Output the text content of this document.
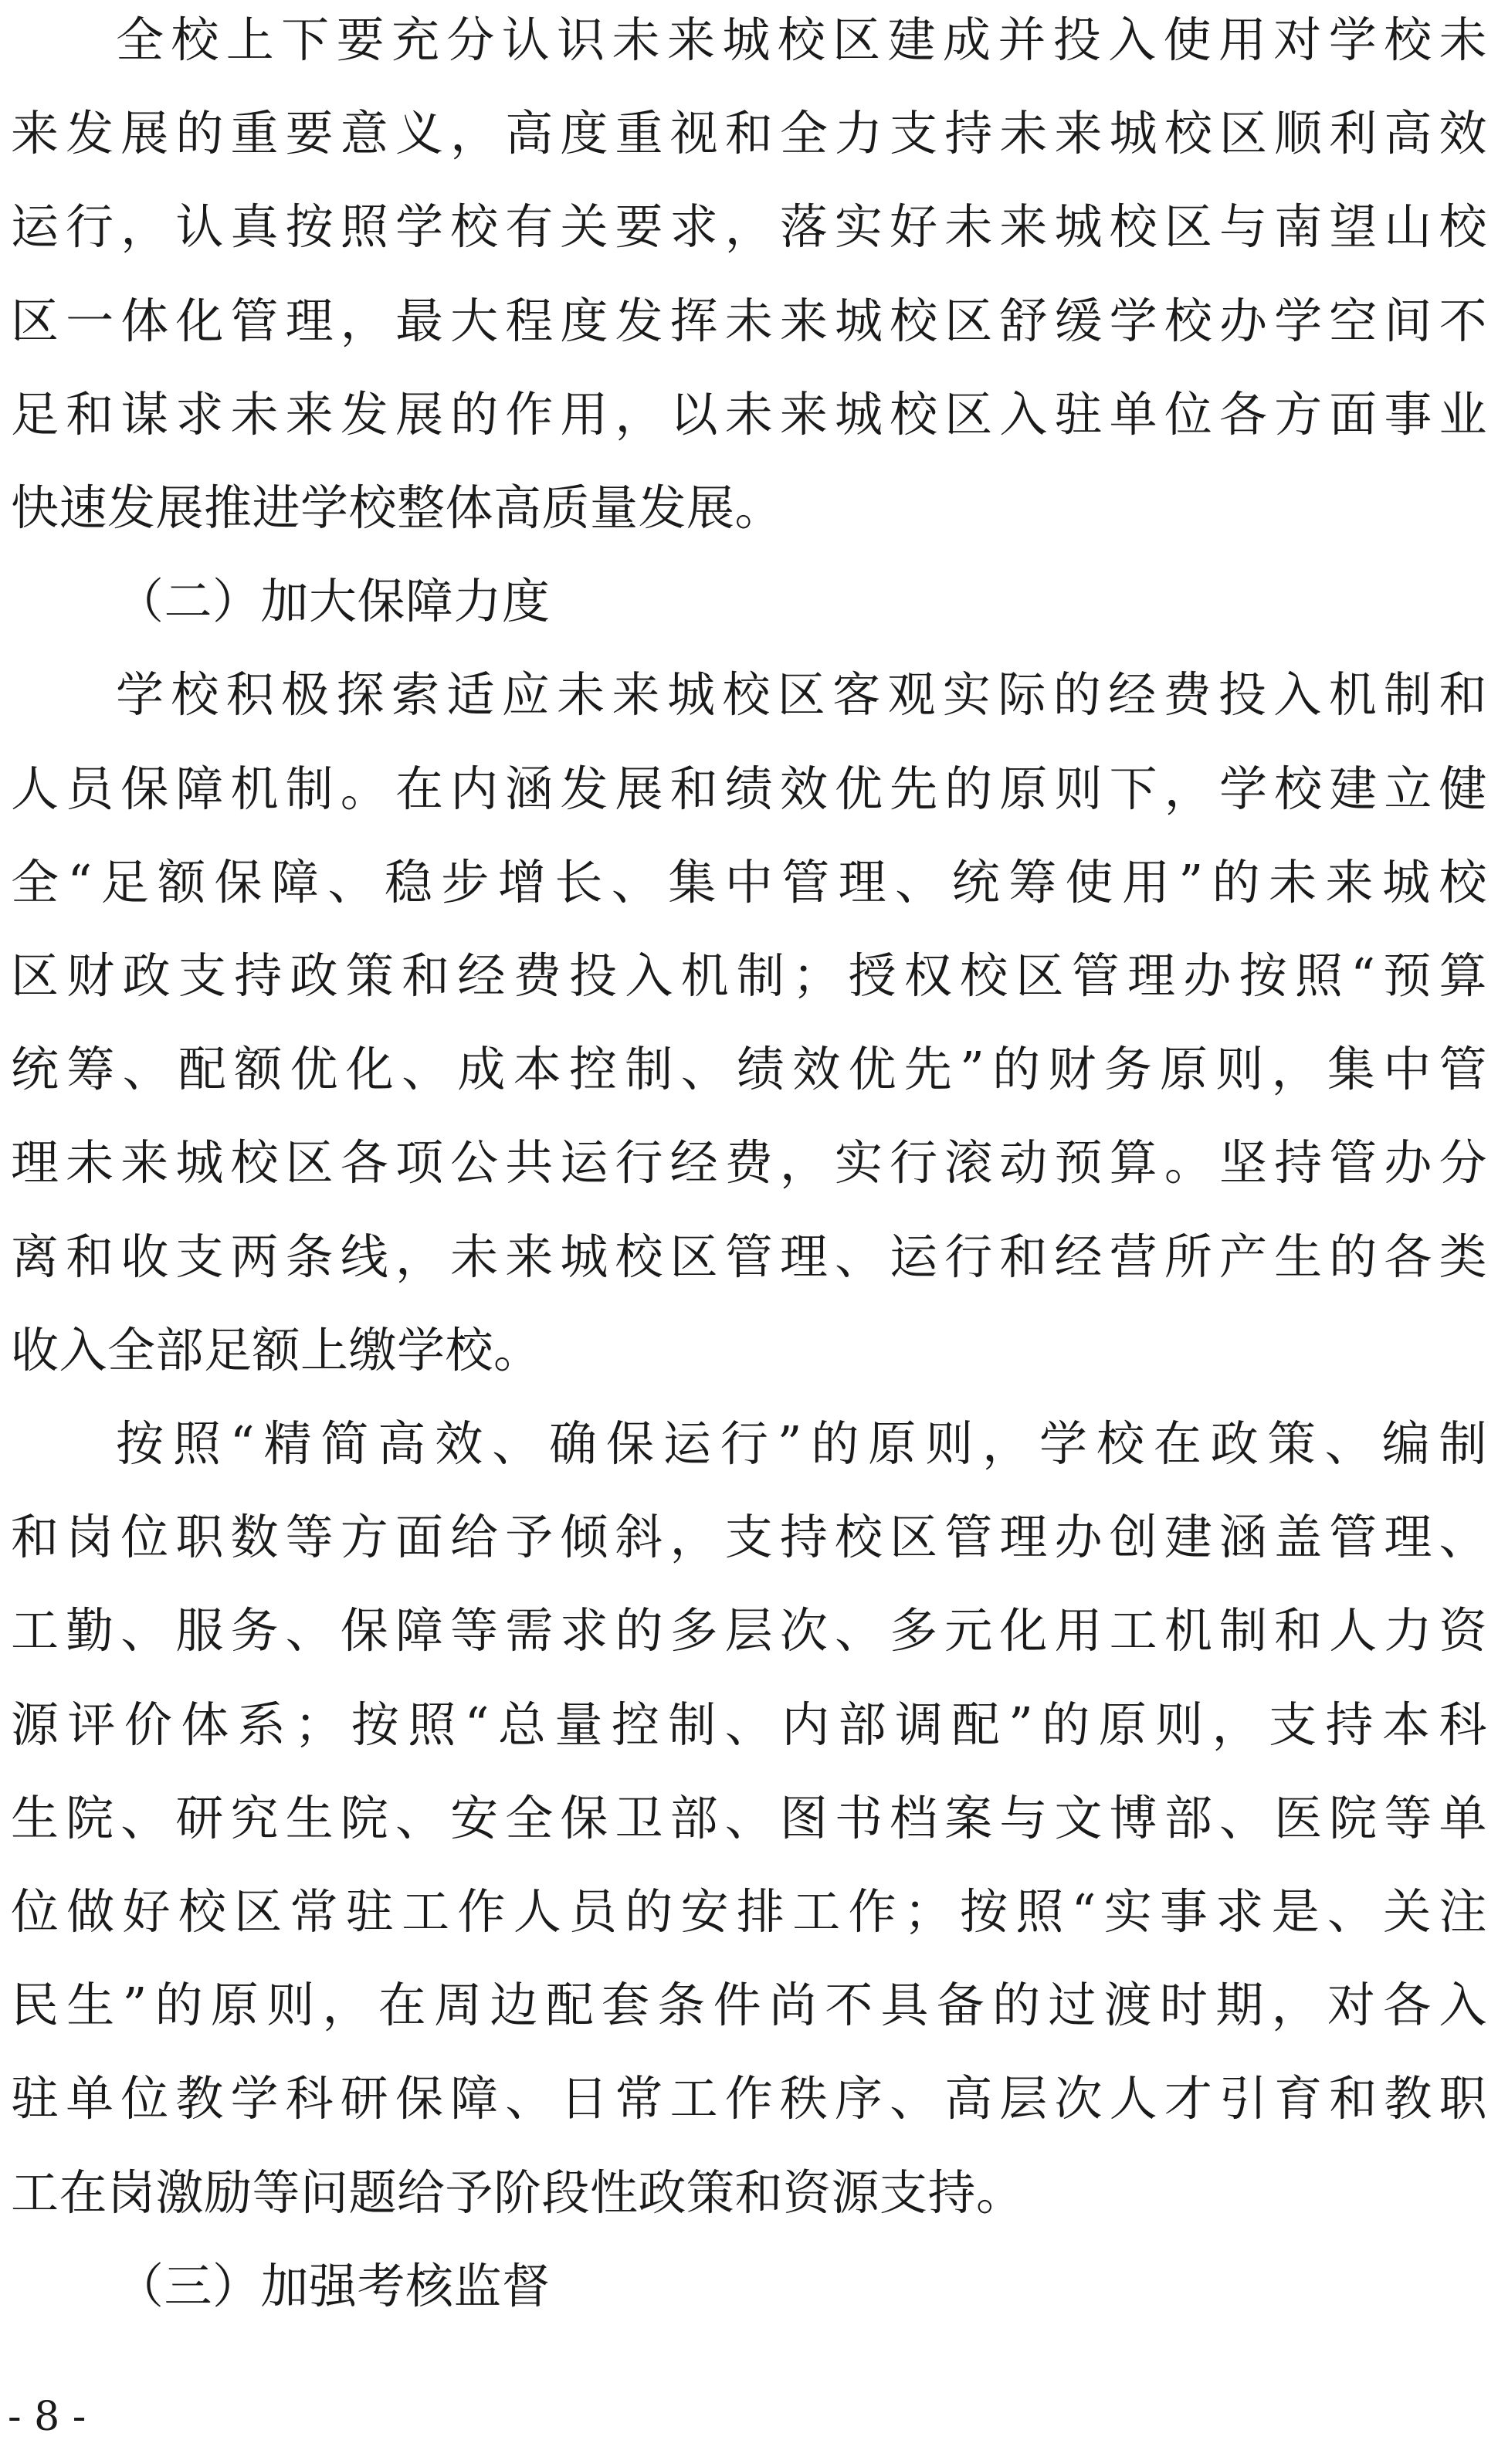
全校上下要充分认识未来城校区建成并投入使用对学校未
来发展的重要意义，高度重视和全力支持未来城校区顺利高效
运行，认真按照学校有关要求，落实好未来城校区与南望山校
区一体化管理，最大程度发挥未来城校区舒缓学校办学空间不
足和谋求未来发展的作用，以未来城校区入驻单位各方面事业
快速发展推进学校整体高质量发展。
（二）加大保障力度
学校积极探索适应未来城校区客观实际的经费投入机制和
人员保障机制。在内涵发展和绩效优先的原则下，学校建立健
全“足额保障、稳步增长、集中管理、统筹使用”的未来城校
区财政支持政策和经费投入机制；授权校区管理办按照“预算
统筹、配额优化、成本控制、绩效优先”的财务原则，集中管
理未来城校区各项公共运行经费，实行滚动预算。坚持管办分
离和收支两条线，未来城校区管理、运行和经营所产生的各类
收入全部足额上缴学校。
按照“精简高效、确保运行”的原则，学校在政策、编制
和岗位职数等方面给予倾斜，支持校区管理办创建涵盖管理、
工勤、服务、保障等需求的多层次、多元化用工机制和人力资
源评价体系；按照“总量控制、内部调配”的原则，支持本科
生院、研究生院、安全保卫部、图书档案与文博部、医院等单
位做好校区常驻工作人员的安排工作；按照“实事求是、关注
民生”的原则，在周边配套条件尚不具备的过渡时期，对各入
驻单位教学科研保障、日常工作秩序、高层次人才引育和教职
工在岗激励等问题给予阶段性政策和资源支持。
（三）加强考核监督
- 8 -
